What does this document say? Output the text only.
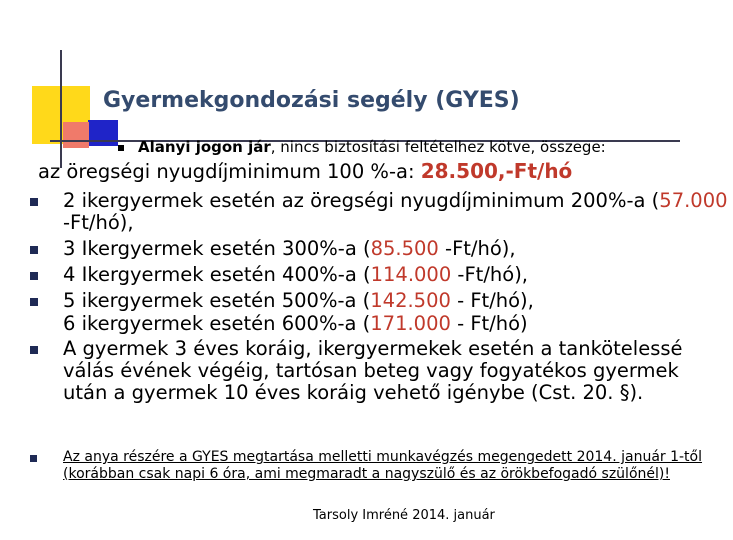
Gyermekgondozási segély (GYES)
Alanyi jogon jár, nincs biztosítási feltételhez kötve, összege:
az öregségi nyugdíjminimum 100 %-a: 28.500,-Ft/hó
2 ikergyermek esetén az öregségi nyugdíjminimum 200%-a (57.000 -Ft/hó),
3 Ikergyermek esetén 300%-a (85.500 -Ft/hó),
4 Ikergyermek esetén 400%-a (114.000 -Ft/hó),
5 ikergyermek esetén 500%-a (142.500 - Ft/hó),
6 ikergyermek esetén 600%-a (171.000 - Ft/hó)
A gyermek 3 éves koráig, ikergyermekek esetén a tankötelessé válás évének végéig, tartósan beteg vagy fogyatékos gyermek után a gyermek 10 éves koráig vehető igénybe (Cst. 20. §).
Az anya részére a GYES megtartása melletti munkavégzés megengedett 2014. január 1-től (korábban csak napi 6 óra, ami megmaradt a nagyszülő és az örökbefogadó szülőnél)!
Tarsoly Imréné 2014. január
